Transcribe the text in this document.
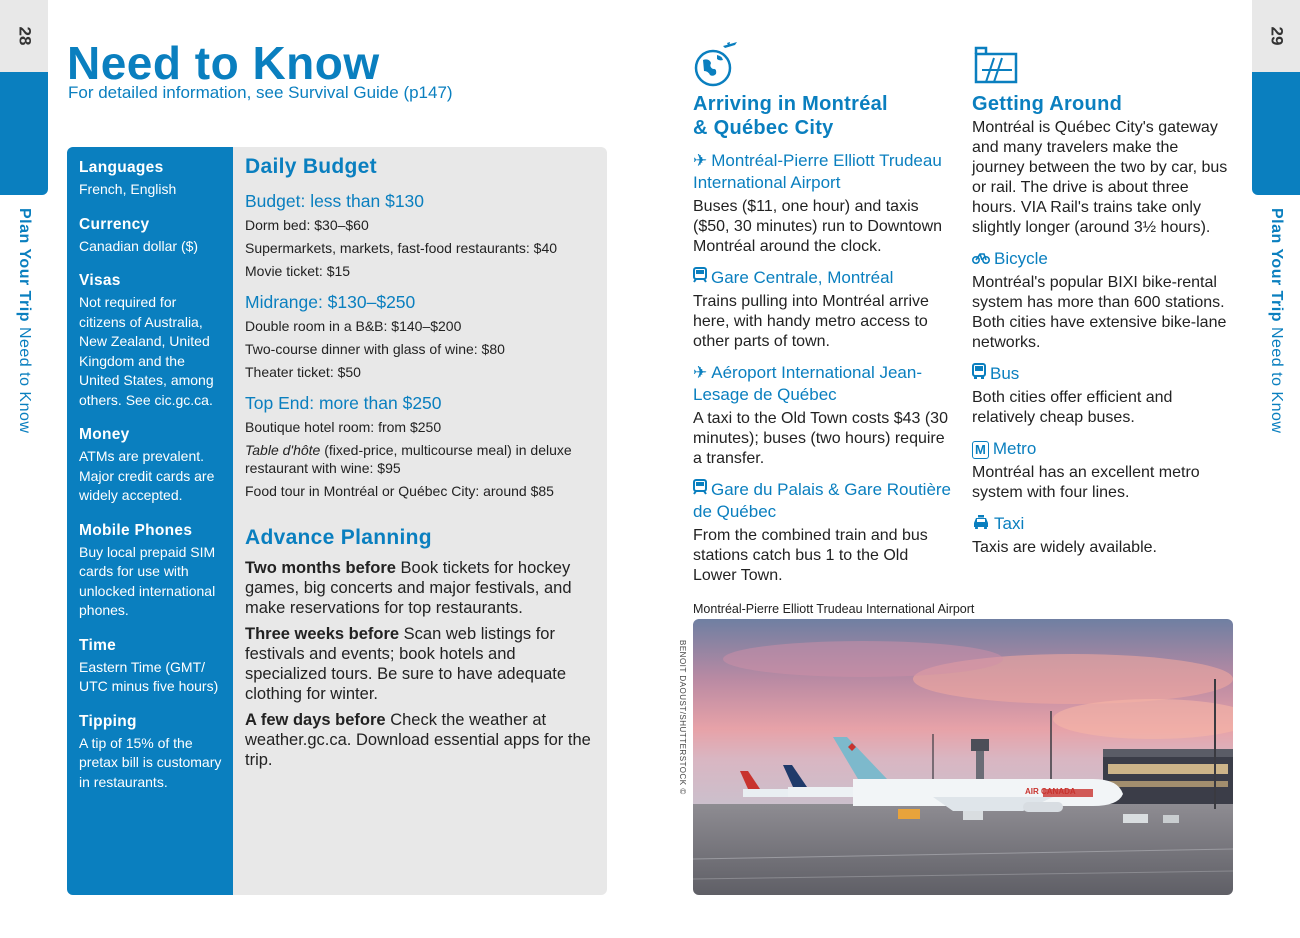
28	29
Plan Your Trip Need to Know
Plan Your Trip Need to Know
Need to Know
For detailed information, see Survival Guide (p147)
Languages
French, English
Currency
Canadian dollar ($)
Visas
Not required for citizens of Australia, New Zealand, United Kingdom and the United States, among others. See cic.gc.ca.
Money
ATMs are prevalent. Major credit cards are widely accepted.
Mobile Phones
Buy local prepaid SIM cards for use with unlocked international phones.
Time
Eastern Time (GMT/ UTC minus five hours)
Tipping
A tip of 15% of the pretax bill is customary in restaurants.
Daily Budget
Budget: less than $130
Dorm bed: $30–$60
Supermarkets, markets, fast-food restaurants: $40
Movie ticket: $15
Midrange: $130–$250
Double room in a B&B: $140–$200
Two-course dinner with glass of wine: $80
Theater ticket: $50
Top End: more than $250
Boutique hotel room: from $250
Table d'hôte (fixed-price, multicourse meal) in deluxe restaurant with wine: $95
Food tour in Montréal or Québec City: around $85
Advance Planning
Two months before Book tickets for hockey games, big concerts and major festivals, and make reservations for top restaurants.
Three weeks before Scan web listings for festivals and events; book hotels and specialized tours. Be sure to have adequate clothing for winter.
A few days before Check the weather at weather.gc.ca. Download essential apps for the trip.
Arriving in Montréal
& Québec City
✈ Montréal-Pierre Elliott Trudeau International Airport
Buses ($11, one hour) and taxis ($50, 30 minutes) run to Downtown Montréal around the clock.
Gare Centrale, Montréal
Trains pulling into Montréal arrive here, with handy metro access to other parts of town.
✈ Aéroport International Jean-Lesage de Québec
A taxi to the Old Town costs $43 (30 minutes); buses (two hours) require a transfer.
Gare du Palais & Gare Routière de Québec
From the combined train and bus stations catch bus 1 to the Old Lower Town.
Getting Around
Montréal is Québec City's gateway and many travelers make the journey between the two by car, bus or rail. The drive is about three hours. VIA Rail's trains take only slightly longer (around 3½ hours).
Bicycle
Montréal's popular BIXI bike-rental system has more than 600 stations. Both cities have extensive bike-lane networks.
Bus
Both cities offer efficient and relatively cheap buses.
M Metro
Montréal has an excellent metro system with four lines.
Taxi
Taxis are widely available.
Montréal-Pierre Elliott Trudeau International Airport
BENOIT DAOUST/SHUTTERSTOCK ©	AIR CANADA
